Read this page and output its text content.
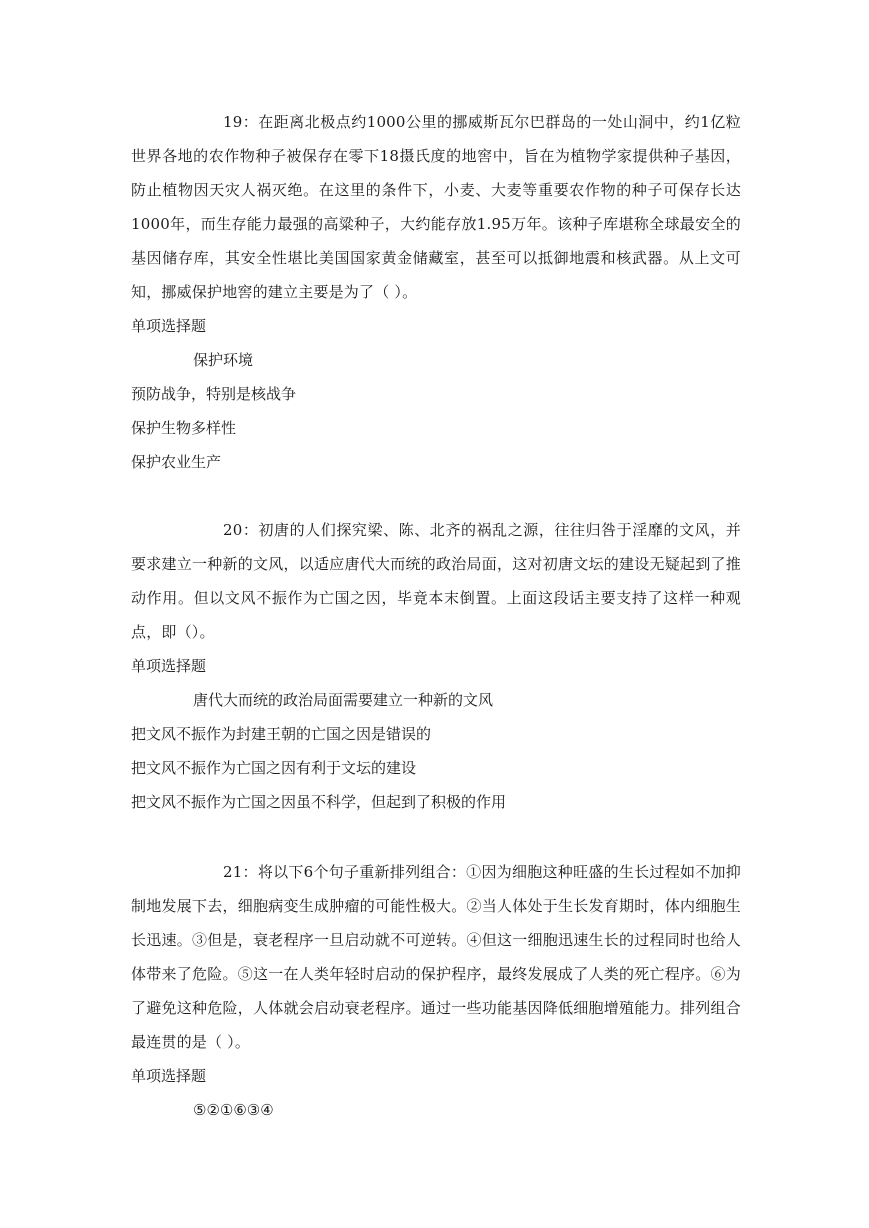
19：在距离北极点约1000公里的挪威斯瓦尔巴群岛的一处山洞中，约1亿粒世界各地的农作物种子被保存在零下18摄氏度的地窖中，旨在为植物学家提供种子基因，防止植物因天灾人祸灭绝。在这里的条件下，小麦、大麦等重要农作物的种子可保存长达1000年，而生存能力最强的高粱种子，大约能存放1.95万年。该种子库堪称全球最安全的基因储存库，其安全性堪比美国国家黄金储藏室，甚至可以抵御地震和核武器。从上文可知，挪威保护地窖的建立主要是为了（ ）。

单项选择题

保护环境

预防战争，特别是核战争

保护生物多样性

保护农业生产

20：初唐的人们探究梁、陈、北齐的祸乱之源，往往归咎于淫靡的文风，并要求建立一种新的文风，以适应唐代大而统的政治局面，这对初唐文坛的建设无疑起到了推动作用。但以文风不振作为亡国之因，毕竟本末倒置。上面这段话主要支持了这样一种观点，即（）。

单项选择题

唐代大而统的政治局面需要建立一种新的文风

把文风不振作为封建王朝的亡国之因是错误的

把文风不振作为亡国之因有利于文坛的建设

把文风不振作为亡国之因虽不科学，但起到了积极的作用

21：将以下6个句子重新排列组合：①因为细胞这种旺盛的生长过程如不加抑制地发展下去，细胞病变生成肿瘤的可能性极大。②当人体处于生长发育期时，体内细胞生长迅速。③但是，衰老程序一旦启动就不可逆转。④但这一细胞迅速生长的过程同时也给人体带来了危险。⑤这一在人类年轻时启动的保护程序，最终发展成了人类的死亡程序。⑥为了避免这种危险，人体就会启动衰老程序。通过一些功能基因降低细胞增殖能力。排列组合最连贯的是（ ）。

单项选择题

⑤②①⑥③④
